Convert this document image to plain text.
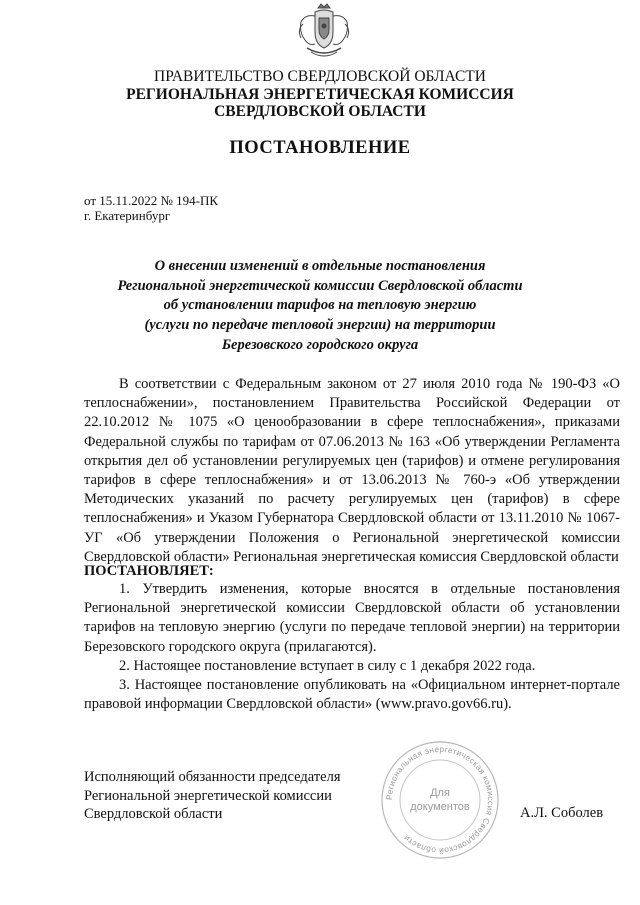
ПРАВИТЕЛЬСТВО СВЕРДЛОВСКОЙ ОБЛАСТИ
РЕГИОНАЛЬНАЯ ЭНЕРГЕТИЧЕСКАЯ КОМИССИЯ
СВЕРДЛОВСКОЙ ОБЛАСТИ
ПОСТАНОВЛЕНИЕ
от 15.11.2022 № 194-ПК
г. Екатеринбург
О внесении изменений в отдельные постановления
Региональной энергетической комиссии Свердловской области
об установлении тарифов на тепловую энергию
(услуги по передаче тепловой энергии) на территории
Березовского городского округа

В соответствии с Федеральным законом от 27 июля 2010 года № 190-ФЗ «О теплоснабжении», постановлением Правительства Российской Федерации от 22.10.2012 № 1075 «О ценообразовании в сфере теплоснабжения», приказами Федеральной службы по тарифам от 07.06.2013 № 163 «Об утверждении Регламента открытия дел об установлении регулируемых цен (тарифов) и отмене регулирования тарифов в сфере теплоснабжения» и от 13.06.2013 № 760-э «Об утверждении Методических указаний по расчету регулируемых цен (тарифов) в сфере теплоснабжения» и Указом Губернатора Свердловской области от 13.11.2010 № 1067-УГ «Об утверждении Положения о Региональной энергетической комиссии Свердловской области» Региональная энергетическая комиссия Свердловской области

ПОСТАНОВЛЯЕТ:

1. Утвердить изменения, которые вносятся в отдельные постановления Региональной энергетической комиссии Свердловской области об установлении тарифов на тепловую энергию (услуги по передаче тепловой энергии) на территории Березовского городского округа (прилагаются).

2. Настоящее постановление вступает в силу с 1 декабря 2022 года.

3. Настоящее постановление опубликовать на «Официальном интернет-портале правовой информации Свердловской области» (www.pravo.gov66.ru).

Исполняющий обязанности председателя
Региональной энергетической комиссии
Свердловской области
Региональная энергетическая комиссия Свердловской области
Для
документов	А.Л. Соболев
